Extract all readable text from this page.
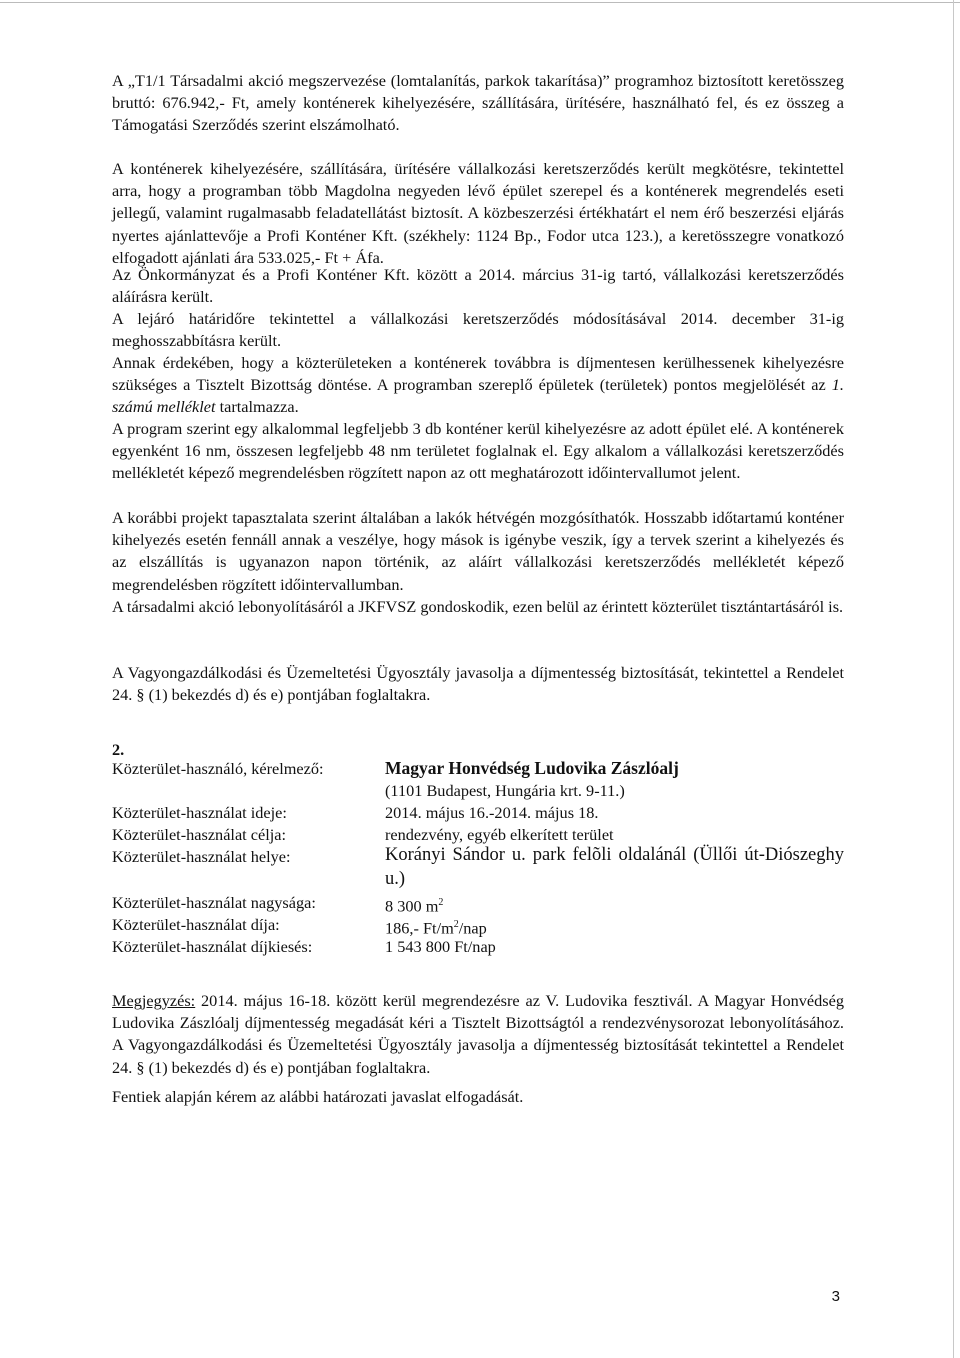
A „T1/1 Társadalmi akció megszervezése (lomtalanítás, parkok takarítása)” programhoz biztosított keretösszeg bruttó: 676.942,- Ft, amely konténerek kihelyezésére, szállítására, ürítésére, használható fel, és ez összeg a Támogatási Szerződés szerint elszámolható.

A konténerek kihelyezésére, szállítására, ürítésére vállalkozási keretszerződés került megkötésre, tekintettel arra, hogy a programban több Magdolna negyeden lévő épület szerepel és a konténerek megrendelés eseti jellegű, valamint rugalmasabb feladatellátást biztosít. A közbeszerzési értékhatárt el nem érő beszerzési eljárás nyertes ajánlattevője a Profi Konténer Kft. (székhely: 1124 Bp., Fodor utca 123.), a keretösszegre vonatkozó elfogadott ajánlati ára 533.025,- Ft + Áfa.

Az Önkormányzat és a Profi Konténer Kft. között a 2014. március 31-ig tartó, vállalkozási keretszerződés aláírásra került.

A lejáró határidőre tekintettel a vállalkozási keretszerződés módosításával 2014. december 31-ig meghosszabbításra került.

Annak érdekében, hogy a közterületeken a konténerek továbbra is díjmentesen kerülhessenek kihelyezésre szükséges a Tisztelt Bizottság döntése. A programban szereplő épületek (területek) pontos megjelölését az 1. számú melléklet tartalmazza.

A program szerint egy alkalommal legfeljebb 3 db konténer kerül kihelyezésre az adott épület elé. A konténerek egyenként 16 nm, összesen legfeljebb 48 nm területet foglalnak el. Egy alkalom a vállalkozási keretszerződés mellékletét képező megrendelésben rögzített napon az ott meghatározott időintervallumot jelent.

A korábbi projekt tapasztalata szerint általában a lakók hétvégén mozgósíthatók. Hosszabb időtartamú konténer kihelyezés esetén fennáll annak a veszélye, hogy mások is igénybe veszik, így a tervek szerint a kihelyezés és az elszállítás is ugyanazon napon történik, az aláírt vállalkozási keretszerződés mellékletét képező megrendelésben rögzített időintervallumban.

A társadalmi akció lebonyolításáról a JKFVSZ gondoskodik, ezen belül az érintett közterület tisztántartásáról is.

A Vagyongazdálkodási és Üzemeltetési Ügyosztály javasolja a díjmentesség biztosítását, tekintettel a Rendelet 24. § (1) bekezdés d) és e) pontjában foglaltakra.

2.

Közterület-használó, kérelmező:	Magyar Honvédség Ludovika Zászlóalj

(1101 Budapest, Hungária krt. 9-11.)

Közterület-használat ideje:	2014. május 16.-2014. május 18.

Közterület-használat célja:	rendezvény, egyéb elkerített terület

Közterület-használat helye:	Korányi Sándor u. park felõli oldalánál (Üllői út-Diószeghy u.)

Közterület-használat nagysága:	8 300 $m^2$

Közterület-használat díja:	186,- $Ft/m^2$/nap

Közterület-használat díjkiesés:	1 543 800 Ft/nap

Megjegyzés: 2014. május 16-18. között kerül megrendezésre az V. Ludovika fesztivál. A Magyar Honvédség Ludovika Zászlóalj díjmentesség megadását kéri a Tisztelt Bizottságtól a rendezvénysorozat lebonyolításához. A Vagyongazdálkodási és Üzemeltetési Ügyosztály javasolja a díjmentesség biztosítását tekintettel a Rendelet 24. § (1) bekezdés d) és e) pontjában foglaltakra.

Fentiek alapján kérem az alábbi határozati javaslat elfogadását.

3
